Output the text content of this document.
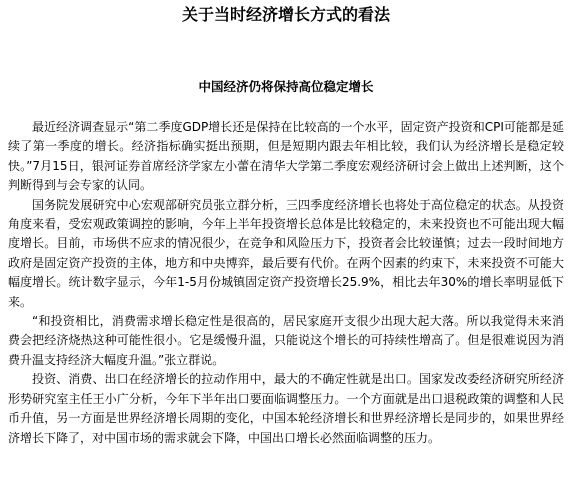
关于当时经济增长方式的看法
中国经济仍将保持高位稳定增长

最近经济调查显示“第二季度GDP增长还是保持在比较高的一个水平，固定资产投资和CPI可能都是延续了第一季度的增长。经济指标确实挺出预期，但是短期内跟去年相比较，我们认为经济增长是稳定较快。”7月15日，银河证券首席经济学家左小蕾在清华大学第二季度宏观经济研讨会上做出上述判断，这个判断得到与会专家的认同。

国务院发展研究中心宏观部研究员张立群分析，三四季度经济增长也将处于高位稳定的状态。从投资角度来看，受宏观政策调控的影响，今年上半年投资增长总体是比较稳定的，未来投资也不可能出现大幅度增长。目前，市场供不应求的情况很少，在竞争和风险压力下，投资者会比较谨慎；过去一段时间地方政府是固定资产投资的主体，地方和中央博弈，最后要有代价。在两个因素的约束下，未来投资不可能大幅度增长。统计数字显示，今年1-5月份城镇固定资产投资增长25.9%，相比去年30%的增长率明显低下来。

“和投资相比，消费需求增长稳定性是很高的，居民家庭开支很少出现大起大落。所以我觉得未来消费会把经济烧热这种可能性很小。它是缓慢升温，只能说这个增长的可持续性增高了。但是很难说因为消费升温支持经济大幅度升温。”张立群说。

投资、消费、出口在经济增长的拉动作用中，最大的不确定性就是出口。国家发改委经济研究所经济形势研究室主任王小广分析，今年下半年出口要面临调整压力。一个方面就是出口退税政策的调整和人民币升值，另一方面是世界经济增长周期的变化，中国本轮经济增长和世界经济增长是同步的，如果世界经济增长下降了，对中国市场的需求就会下降，中国出口增长必然面临调整的压力。
